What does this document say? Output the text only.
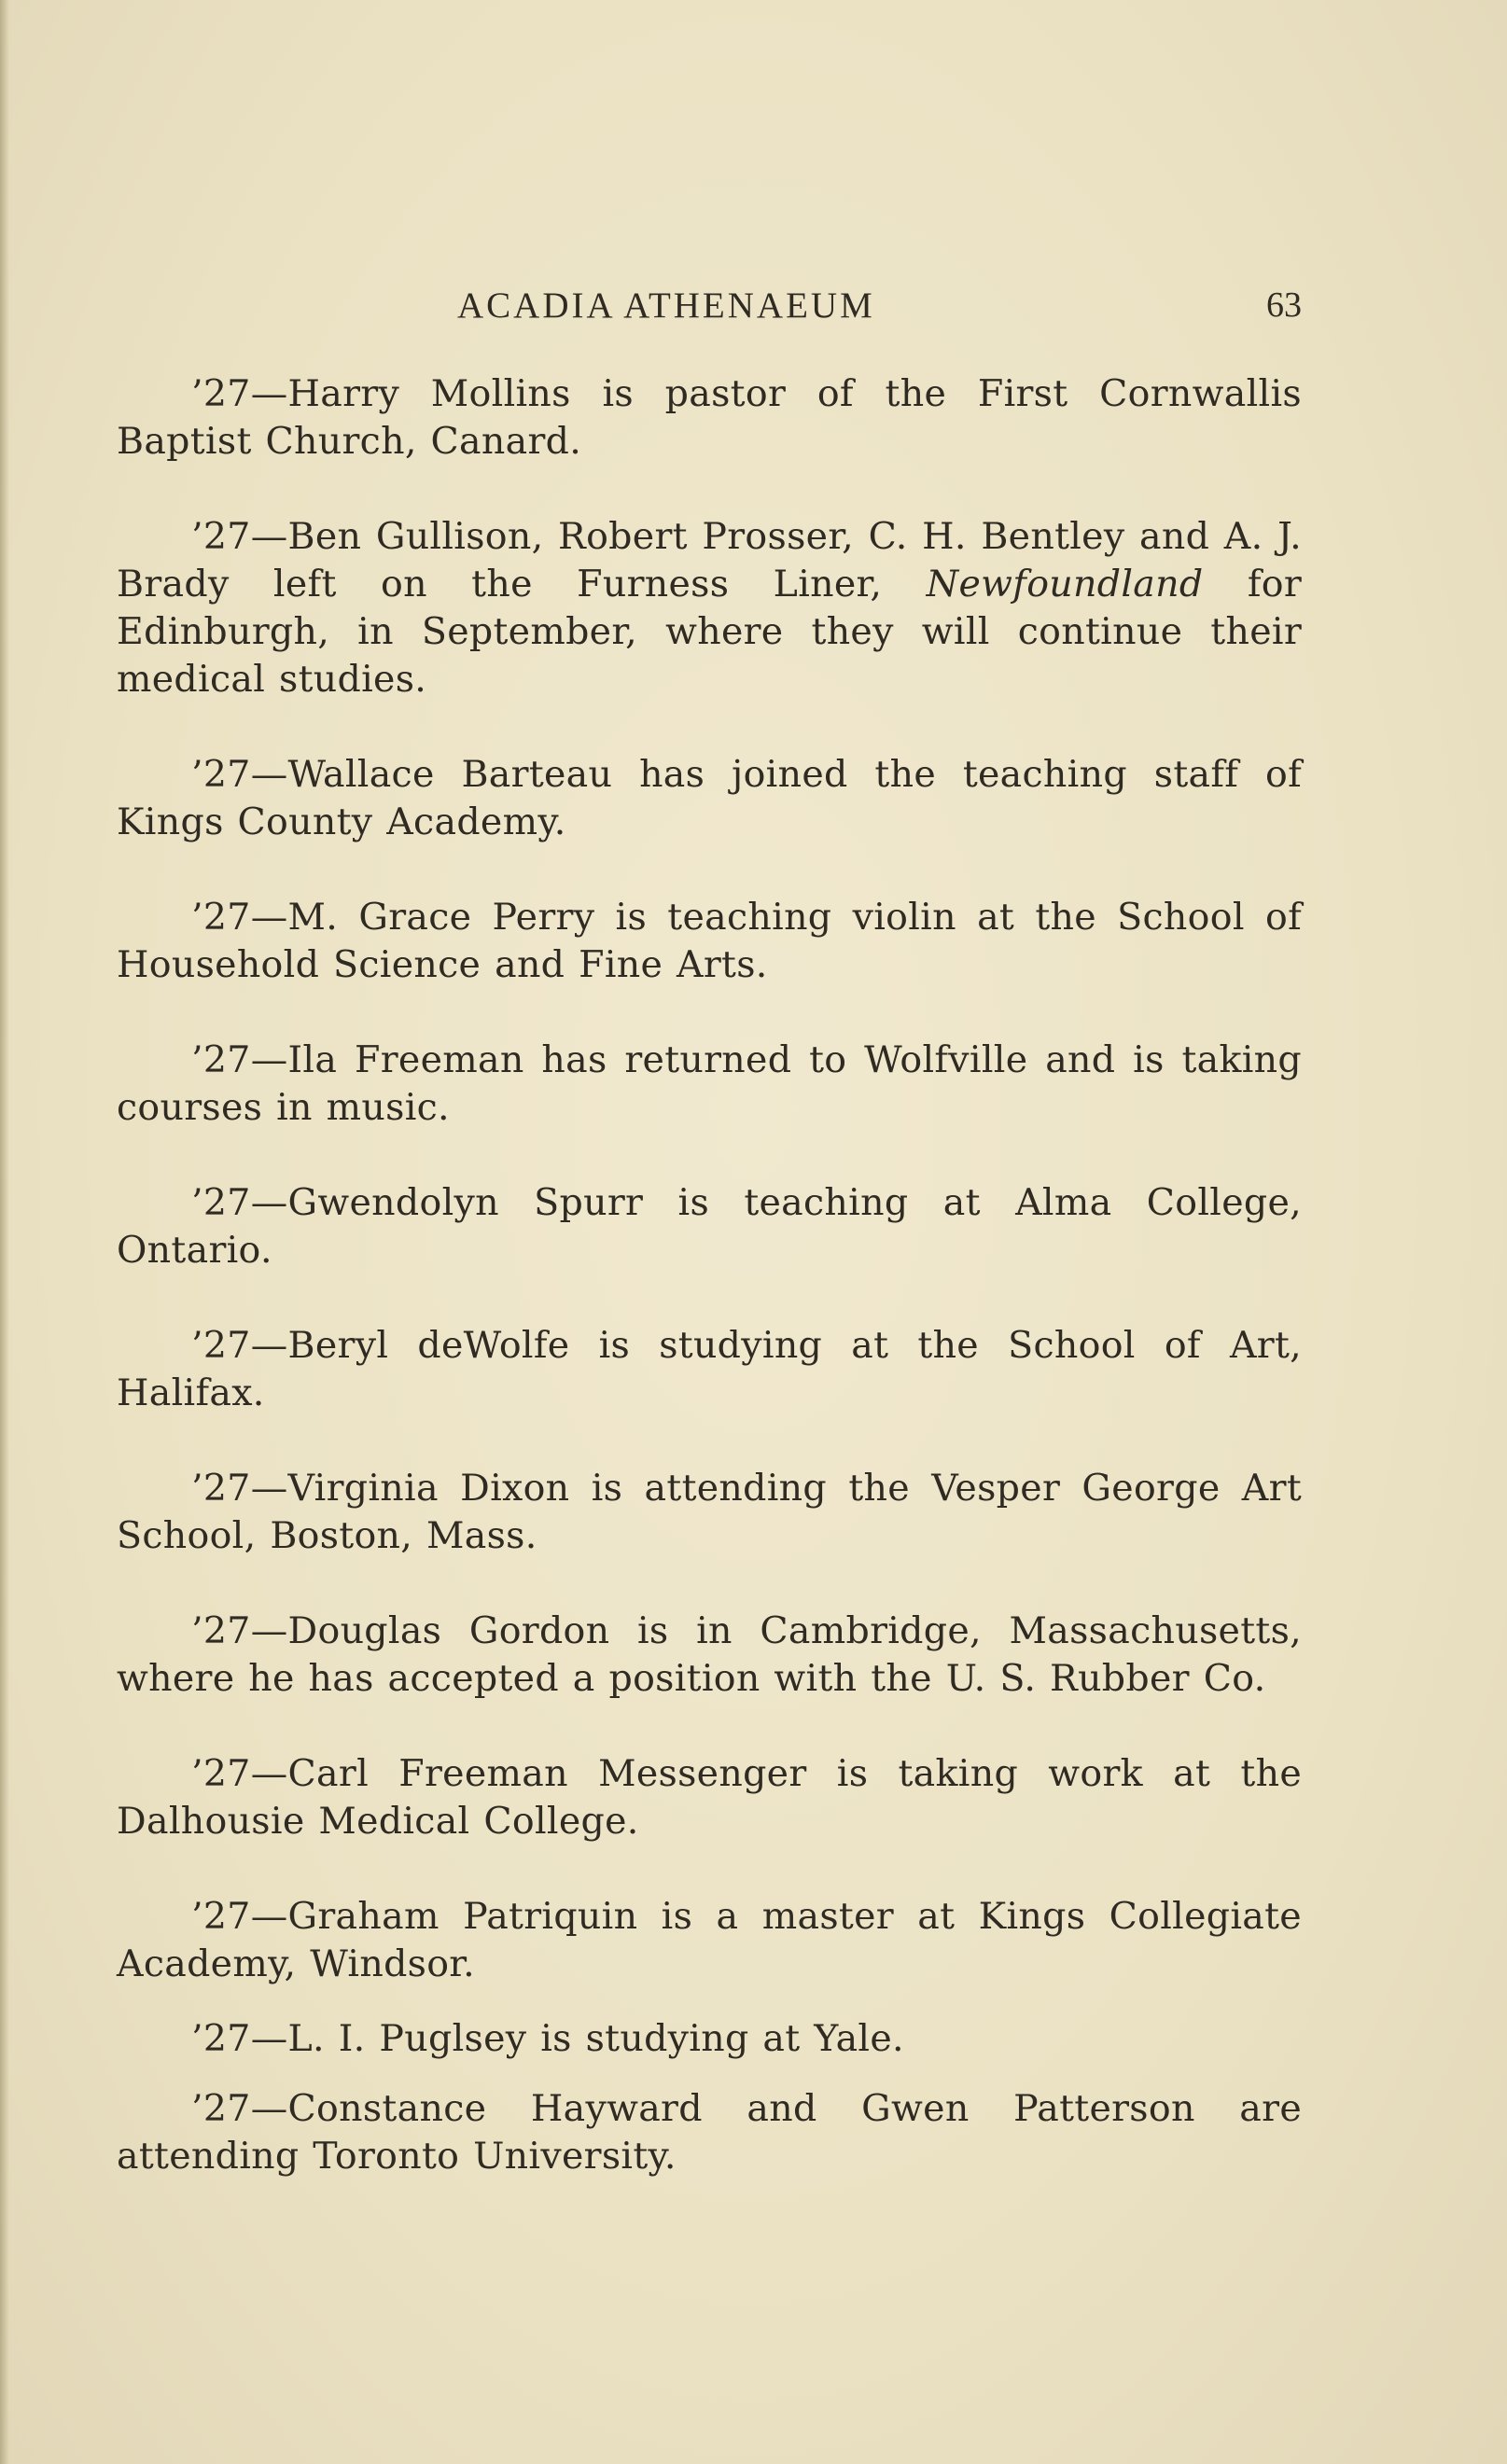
ACADIA ATHENAEUM	63

’27—Harry Mollins is pastor of the First Cornwallis Baptist Church, Canard.

’27—Ben Gullison, Robert Prosser, C. H. Bentley and A. J. Brady left on the Furness Liner, Newfoundland for Edinburgh, in September, where they will continue their medical studies.

’27—Wallace Barteau has joined the teaching staff of Kings County Academy.

’27—M. Grace Perry is teaching violin at the School of Household Science and Fine Arts.

’27—Ila Freeman has returned to Wolfville and is taking courses in music.

’27—Gwendolyn Spurr is teaching at Alma College, Ontario.

’27—Beryl deWolfe is studying at the School of Art, Halifax.

’27—Virginia Dixon is attending the Vesper George Art School, Boston, Mass.

’27—Douglas Gordon is in Cambridge, Massachusetts, where he has accepted a position with the U. S. Rubber Co.

’27—Carl Freeman Messenger is taking work at the Dalhousie Medical College.

’27—Graham Patriquin is a master at Kings Collegiate Academy, Windsor.

’27—L. I. Puglsey is studying at Yale.

’27—Constance Hayward and Gwen Patterson are attending Toronto University.
